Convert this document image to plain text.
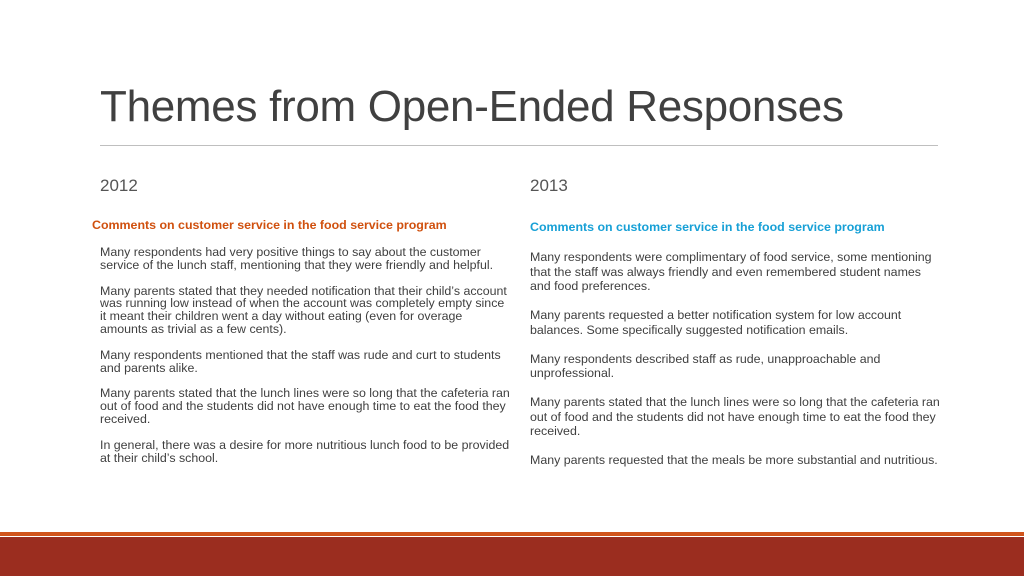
Themes from Open-Ended Responses
2012	2013
Comments on customer service in the food service program	Comments on customer service in the food service program

Many respondents had very positive things to say about the customer service of the lunch staff, mentioning that they were friendly and helpful.

Many parents stated that they needed notification that their child’s account was running low instead of when the account was completely empty since it meant their children went a day without eating (even for overage amounts as trivial as a few cents).

Many respondents mentioned that the staff was rude and curt to students and parents alike.

Many parents stated that the lunch lines were so long that the cafeteria ran out of food and the students did not have enough time to eat the food they received.

In general, there was a desire for more nutritious lunch food to be provided at their child’s school.

Many respondents were complimentary of food service, some mentioning that the staff was always friendly and even remembered student names and food preferences.

Many parents requested a better notification system for low account balances. Some specifically suggested notification emails.

Many respondents described staff as rude, unapproachable and unprofessional.

Many parents stated that the lunch lines were so long that the cafeteria ran out of food and the students did not have enough time to eat the food they received.

Many parents requested that the meals be more substantial and nutritious.
